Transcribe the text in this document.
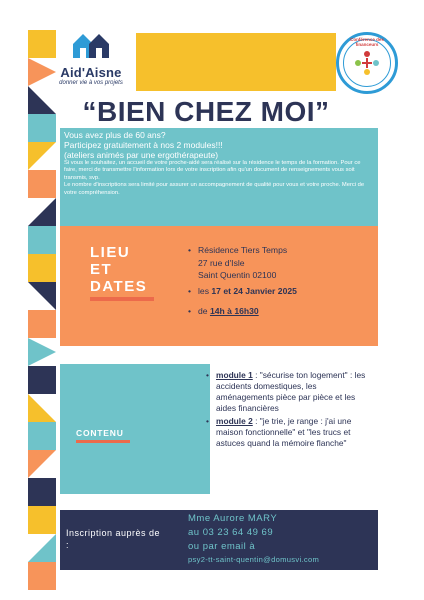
Aid'Aisne
donner vie à vos projets
Conférence des financeurs
“BIEN CHEZ MOI”
Vous avez plus de 60 ans?
Participez gratuitement à nos 2 modules!!!
(ateliers animés par une ergothérapeute)
Si vous le souhaitez, un accueil de votre proche-aidé sera réalisé sur la résidence le temps de la formation. Pour ce faire, merci de transmettre l'information lors de votre inscription afin qu'un document de renseignements vous soit transmis, svp.
Le nombre d'inscriptions sera limité pour assurer un accompagnement de qualité pour vous et votre proche. Merci de votre compréhension.
LIEU
ET
DATES
• Résidence Tiers Temps
27 rue d'Isle
Saint Quentin 02100
• les 17 et 24 Janvier 2025
• de 14h à 16h30
CONTENU
• module 1 : "sécurise ton logement" : les accidents domestiques, les aménagements pièce par pièce et les aides financières
• module 2 : "je trie, je range : j'ai une maison fonctionnelle" et "les trucs et astuces quand la mémoire flanche"
Inscription auprès de :
Mme Aurore MARY
au 03 23 64 49 69
ou par email à
psy2-tt-saint-quentin@domusvi.com
